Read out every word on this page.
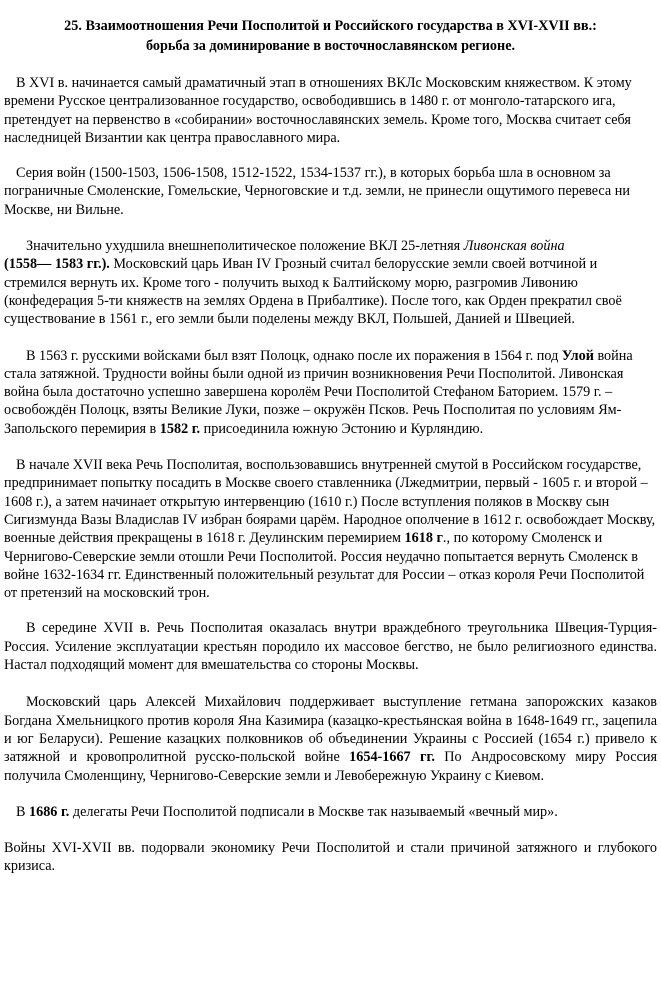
25. Взаимоотношения Речи Посполитой и Российского государства в XVI-XVII вв.:
борьба за доминирование в восточнославянском регионе.

В XVI в. начинается самый драматичный этап в отношениях ВКЛс Московским княжеством. К этому времени Русское централизованное государство, освободившись в 1480 г. от монголо-татарского ига, претендует на первенство в «собирании» восточнославянских земель. Кроме того, Москва считает себя наследницей Византии как центра православного мира.

Серия войн (1500-1503, 1506-1508, 1512-1522, 1534-1537 гг.), в которых борьба шла в основном за пограничные Смоленские, Гомельские, Черноговские и т.д. земли, не принесли ощутимого перевеса ни Москве, ни Вильне.

Значительно ухудшила внешнеполитическое положение ВКЛ 25-летняя Ливонская война
(1558— 1583 гг.). Московский царь Иван IV Грозный считал белорусские земли своей вотчиной и стремился вернуть их. Кроме того - получить выход к Балтийскому морю, разгромив Ливонию (конфедерация 5-ти княжеств на землях Ордена в Прибалтике). После того, как Орден прекратил своё существование в 1561 г., его земли были поделены между ВКЛ, Польшей, Данией и Швецией.

В 1563 г. русскими войсками был взят Полоцк, однако после их поражения в 1564 г. под Улой война стала затяжной. Трудности войны были одной из причин возникновения Речи Посполитой. Ливонская война была достаточно успешно завершена королём Речи Посполитой Стефаном Баторием. 1579 г. – освобождён Полоцк, взяты Великие Луки, позже – окружён Псков. Речь Посполитая по условиям Ям-Запольского перемирия в 1582 г. присоединила южную Эстонию и Курляндию.

В начале XVII века Речь Посполитая, воспользовавшись внутренней смутой в Российском государстве, предпринимает попытку посадить в Москве своего ставленника (Лжедмитрии, первый - 1605 г. и второй – 1608 г.), а затем начинает открытую интервенцию (1610 г.) После вступления поляков в Москву сын Сигизмунда Вазы Владислав IV избран боярами царём. Народное ополчение в 1612 г. освобождает Москву, военные действия прекращены в 1618 г. Деулинским перемирием 1618 г., по которому Смоленск и Чернигово-Северские земли отошли Речи Посполитой. Россия неудачно попытается вернуть Смоленск в войне 1632-1634 гг. Единственный положительный результат для России – отказ короля Речи Посполитой от претензий на московский трон.

В середине XVII в. Речь Посполитая оказалась внутри враждебного треугольника Швеция-Турция-Россия. Усиление эксплуатации крестьян породило их массовое бегство, не было религиозного единства. Настал подходящий момент для вмешательства со стороны Москвы.

Московский царь Алексей Михайлович поддерживает выступление гетмана запорожских казаков Богдана Хмельницкого против короля Яна Казимира (казацко-крестьянская война в 1648-1649 гг., зацепила и юг Беларуси). Решение казацких полковников об объединении Украины с Россией (1654 г.) привело к затяжной и кровопролитной русско-польской войне 1654-1667 гг. По Андросовскому миру Россия получила Смоленщину, Чернигово-Северские земли и Левобережную Украину с Киевом.

В 1686 г. делегаты Речи Посполитой подписали в Москве так называемый «вечный мир».

Войны XVI-XVII вв. подорвали экономику Речи Посполитой и стали причиной затяжного и глубокого кризиса.
